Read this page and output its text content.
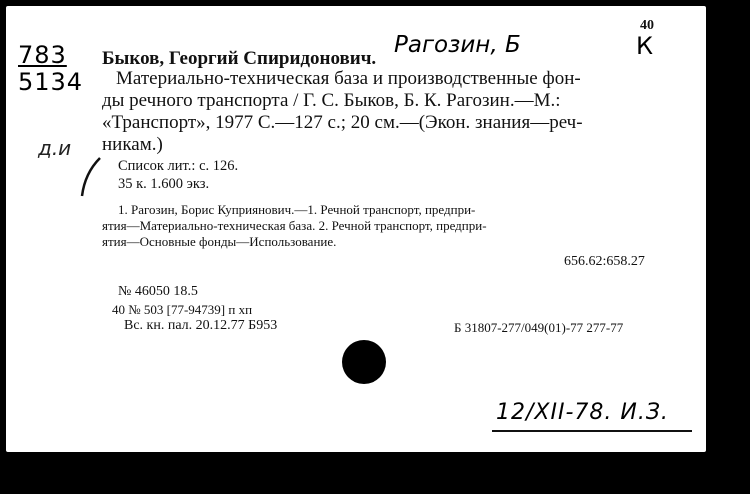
783
5134
д.и
Рагозин, Б
40
К
Быков, Георгий Спиридонович.
Материально-техническая база и производственные фон-
ды речного транспорта / Г. С. Быков, Б. К. Рагозин.—М.:
«Транспорт», 1977 С.—127 с.; 20 см.—(Экон. знания—реч-
никам.)
Список лит.: с. 126.
35 к. 1.600 экз.
1. Рагозин, Борис Куприянович.—1. Речной транспорт, предпри-
ятия—Материально-техническая база. 2. Речной транспорт, предпри-
ятия—Основные фонды—Использование.
656.62:658.27
№ 46050 18.5
40 № 503 [77-94739] п хп
Вс. кн. пал. 20.12.77 Б953	Б 31807-277/049(01)-77 277-77
12/XII-78. И.З.
